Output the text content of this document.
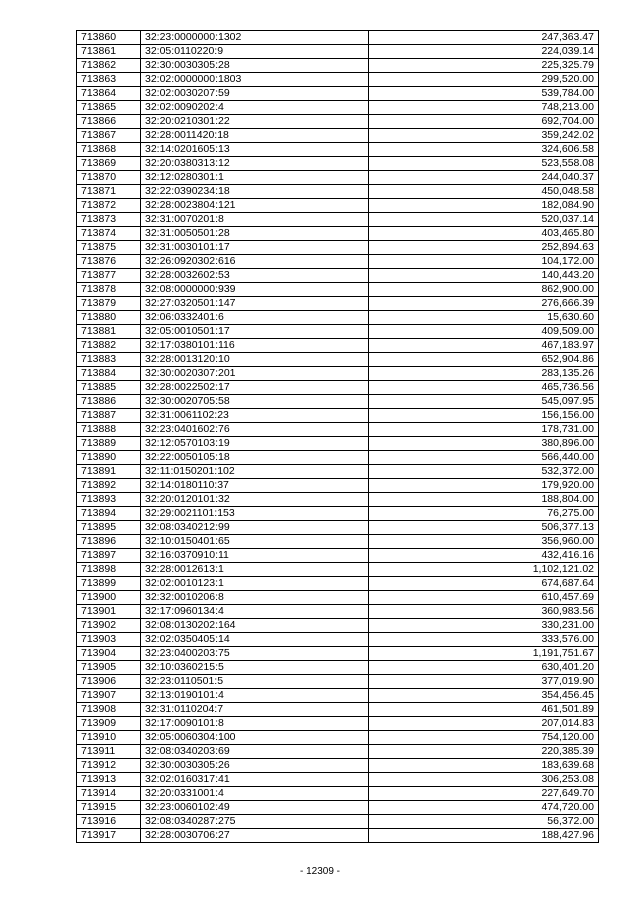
713860	32:23:0000000:1302	247,363.47
713861	32:05:0110220:9	224,039.14
713862	32:30:0030305:28	225,325.79
713863	32:02:0000000:1803	299,520.00
713864	32:02:0030207:59	539,784.00
713865	32:02:0090202:4	748,213.00
713866	32:20:0210301:22	692,704.00
713867	32:28:0011420:18	359,242.02
713868	32:14:0201605:13	324,606.58
713869	32:20:0380313:12	523,558.08
713870	32:12:0280301:1	244,040.37
713871	32:22:0390234:18	450,048.58
713872	32:28:0023804:121	182,084.90
713873	32:31:0070201:8	520,037.14
713874	32:31:0050501:28	403,465.80
713875	32:31:0030101:17	252,894.63
713876	32:26:0920302:616	104,172.00
713877	32:28:0032602:53	140,443.20
713878	32:08:0000000:939	862,900.00
713879	32:27:0320501:147	276,666.39
713880	32:06:0332401:6	15,630.60
713881	32:05:0010501:17	409,509.00
713882	32:17:0380101:116	467,183.97
713883	32:28:0013120:10	652,904.86
713884	32:30:0020307:201	283,135.26
713885	32:28:0022502:17	465,736.56
713886	32:30:0020705:58	545,097.95
713887	32:31:0061102:23	156,156.00
713888	32:23:0401602:76	178,731.00
713889	32:12:0570103:19	380,896.00
713890	32:22:0050105:18	566,440.00
713891	32:11:0150201:102	532,372.00
713892	32:14:0180110:37	179,920.00
713893	32:20:0120101:32	188,804.00
713894	32:29:0021101:153	76,275.00
713895	32:08:0340212:99	506,377.13
713896	32:10:0150401:65	356,960.00
713897	32:16:0370910:11	432,416.16
713898	32:28:0012613:1	1,102,121.02
713899	32:02:0010123:1	674,687.64
713900	32:32:0010206:8	610,457.69
713901	32:17:0960134:4	360,983.56
713902	32:08:0130202:164	330,231.00
713903	32:02:0350405:14	333,576.00
713904	32:23:0400203:75	1,191,751.67
713905	32:10:0360215:5	630,401.20
713906	32:23:0110501:5	377,019.90
713907	32:13:0190101:4	354,456.45
713908	32:31:0110204:7	461,501.89
713909	32:17:0090101:8	207,014.83
713910	32:05:0060304:100	754,120.00
713911	32:08:0340203:69	220,385.39
713912	32:30:0030305:26	183,639.68
713913	32:02:0160317:41	306,253.08
713914	32:20:0331001:4	227,649.70
713915	32:23:0060102:49	474,720.00
713916	32:08:0340287:275	56,372.00
713917	32:28:0030706:27	188,427.96
- 12309 -
